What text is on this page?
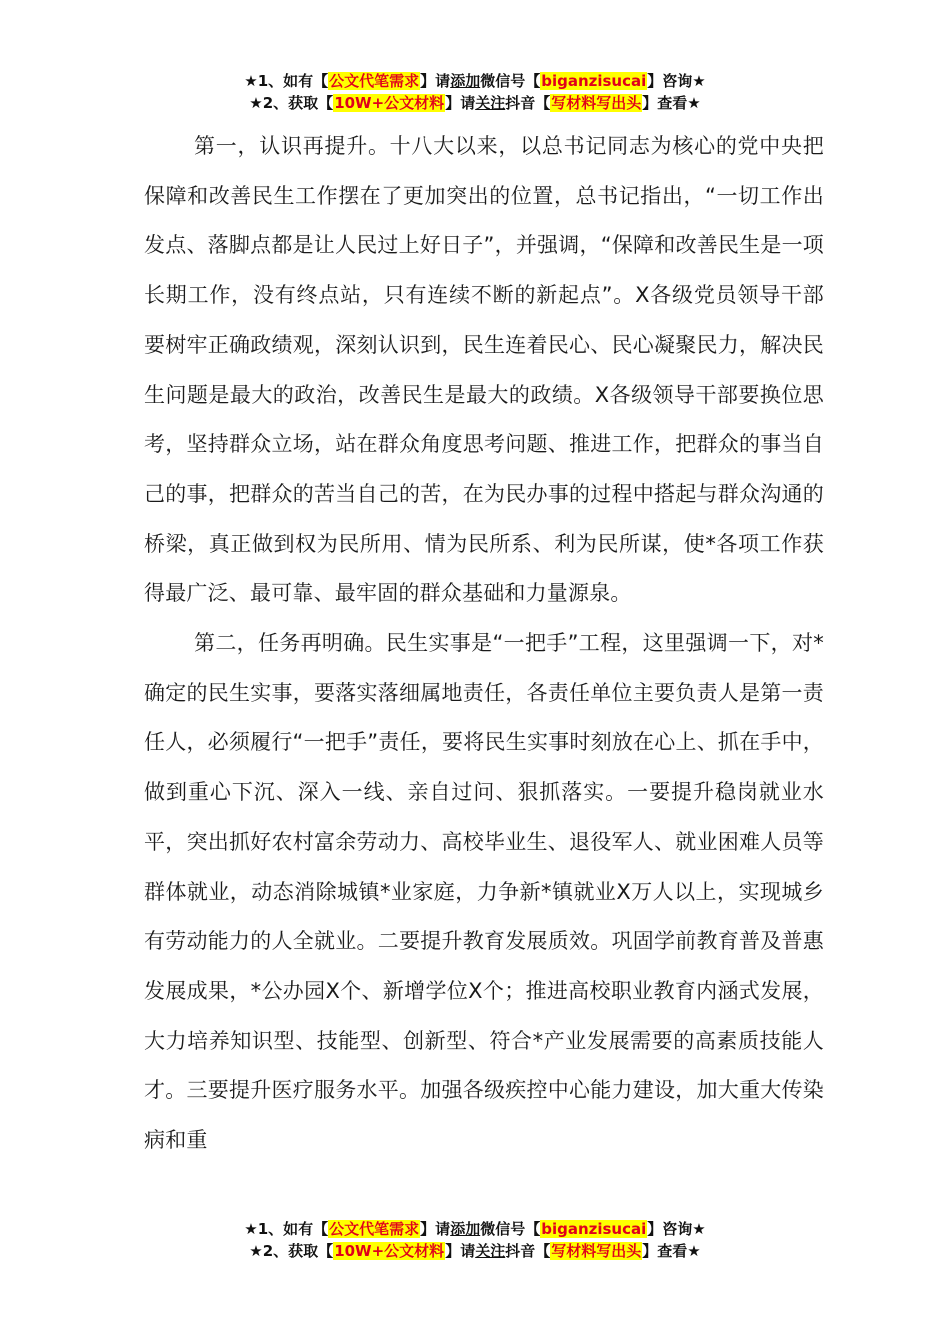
★1、如有【公文代笔需求】请添加微信号【biganzisucai】咨询★
★2、获取【10W+公文材料】请关注抖音【写材料写出头】查看★

第一，认识再提升。十八大以来，以总书记同志为核心的党中央把保障和改善民生工作摆在了更加突出的位置，总书记指出，“一切工作出发点、落脚点都是让人民过上好日子”，并强调，“保障和改善民生是一项长期工作，没有终点站，只有连续不断的新起点”。X各级党员领导干部要树牢正确政绩观，深刻认识到，民生连着民心、民心凝聚民力，解决民生问题是最大的政治，改善民生是最大的政绩。X各级领导干部要换位思考，坚持群众立场，站在群众角度思考问题、推进工作，把群众的事当自己的事，把群众的苦当自己的苦，在为民办事的过程中搭起与群众沟通的桥梁，真正做到权为民所用、情为民所系、利为民所谋，使*各项工作获得最广泛、最可靠、最牢固的群众基础和力量源泉。

第二，任务再明确。民生实事是“一把手”工程，这里强调一下，对*确定的民生实事，要落实落细属地责任，各责任单位主要负责人是第一责任人，必须履行“一把手”责任，要将民生实事时刻放在心上、抓在手中，做到重心下沉、深入一线、亲自过问、狠抓落实。一要提升稳岗就业水平，突出抓好农村富余劳动力、高校毕业生、退役军人、就业困难人员等群体就业，动态消除城镇*业家庭，力争新*镇就业X万人以上，实现城乡有劳动能力的人全就业。二要提升教育发展质效。巩固学前教育普及普惠发展成果，*公办园X个、新增学位X个；推进高校职业教育内涵式发展，大力培养知识型、技能型、创新型、符合*产业发展需要的高素质技能人才。三要提升医疗服务水平。加强各级疾控中心能力建设，加大重大传染病和重

★1、如有【公文代笔需求】请添加微信号【biganzisucai】咨询★
★2、获取【10W+公文材料】请关注抖音【写材料写出头】查看★
